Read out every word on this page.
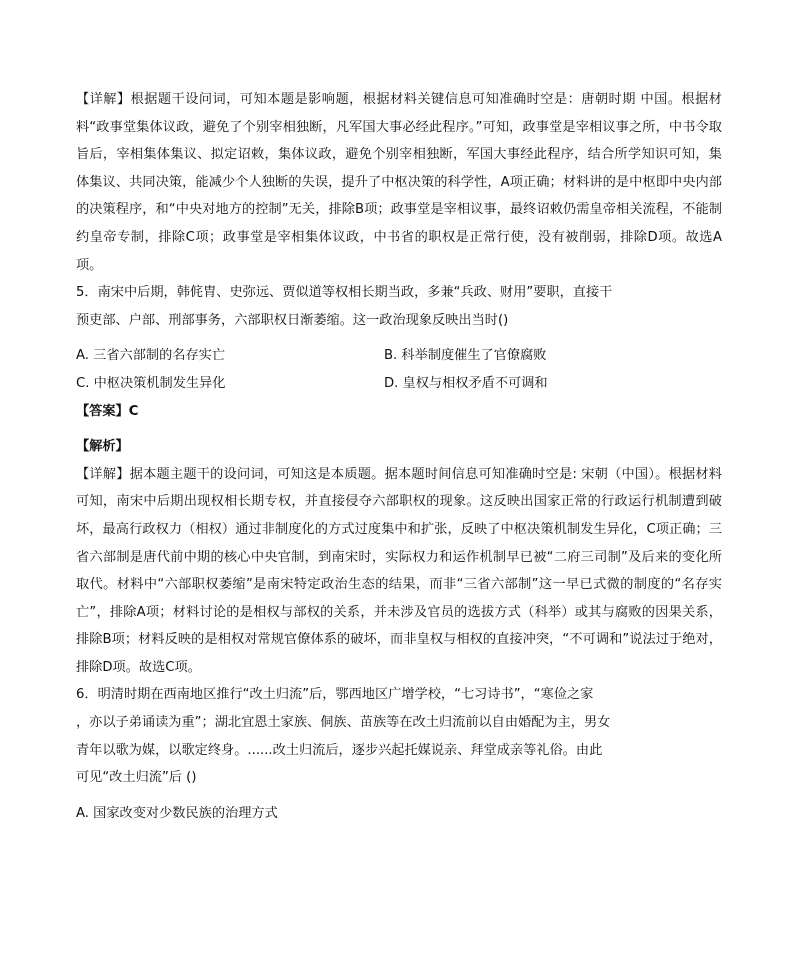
【详解】根据题干设问词，可知本题是影响题，根据材料关键信息可知准确时空是：唐朝时期 中国。根据材料“政事堂集体议政，避免了个别宰相独断，凡军国大事必经此程序。”可知，政事堂是宰相议事之所，中书令取旨后，宰相集体集议、拟定诏敕，集体议政，避免个别宰相独断，军国大事经此程序，结合所学知识可知，集体集议、共同决策，能减少个人独断的失误，提升了中枢决策的科学性，A项正确；材料讲的是中枢即中央内部的决策程序，和“中央对地方的控制”无关，排除B项；政事堂是宰相议事，最终诏敕仍需皇帝相关流程，不能制约皇帝专制，排除C项；政事堂是宰相集体议政，中书省的职权是正常行使，没有被削弱，排除D项。故选A项。

5．南宋中后期，韩侂胄、史弥远、贾似道等权相长期当政，多兼“兵政、财用”要职，直接干

预吏部、户部、刑部事务，六部职权日渐萎缩。这一政治现象反映出当时()

A. 三省六部制的名存实亡	B. 科举制度催生了官僚腐败

C. 中枢决策机制发生异化	D. 皇权与相权矛盾不可调和

【答案】C

【解析】

【详解】据本题主题干的设问词，可知这是本质题。据本题时间信息可知准确时空是: 宋朝（中国）。根据材料可知，南宋中后期出现权相长期专权，并直接侵夺六部职权的现象。这反映出国家正常的行政运行机制遭到破坏，最高行政权力（相权）通过非制度化的方式过度集中和扩张，反映了中枢决策机制发生异化，C项正确；三省六部制是唐代前中期的核心中央官制，到南宋时，实际权力和运作机制早已被“二府三司制”及后来的变化所取代。材料中“六部职权萎缩”是南宋特定政治生态的结果，而非“三省六部制”这一早已式微的制度的“名存实亡”，排除A项；材料讨论的是相权与部权的关系，并未涉及官员的选拔方式（科举）或其与腐败的因果关系，排除B项；材料反映的是相权对常规官僚体系的破坏，而非皇权与相权的直接冲突，“不可调和”说法过于绝对，排除D项。故选C项。

6．明清时期在西南地区推行“改土归流”后，鄂西地区广增学校，“七习诗书”，“寒俭之家

，亦以子弟诵读为重”；湖北宜恩土家族、侗族、苗族等在改土归流前以自由婚配为主，男女

青年以歌为媒，以歌定终身。......改土归流后，逐步兴起托媒说亲、拜堂成亲等礼俗。由此

可见“改土归流”后 ()

A. 国家改变对少数民族的治理方式
